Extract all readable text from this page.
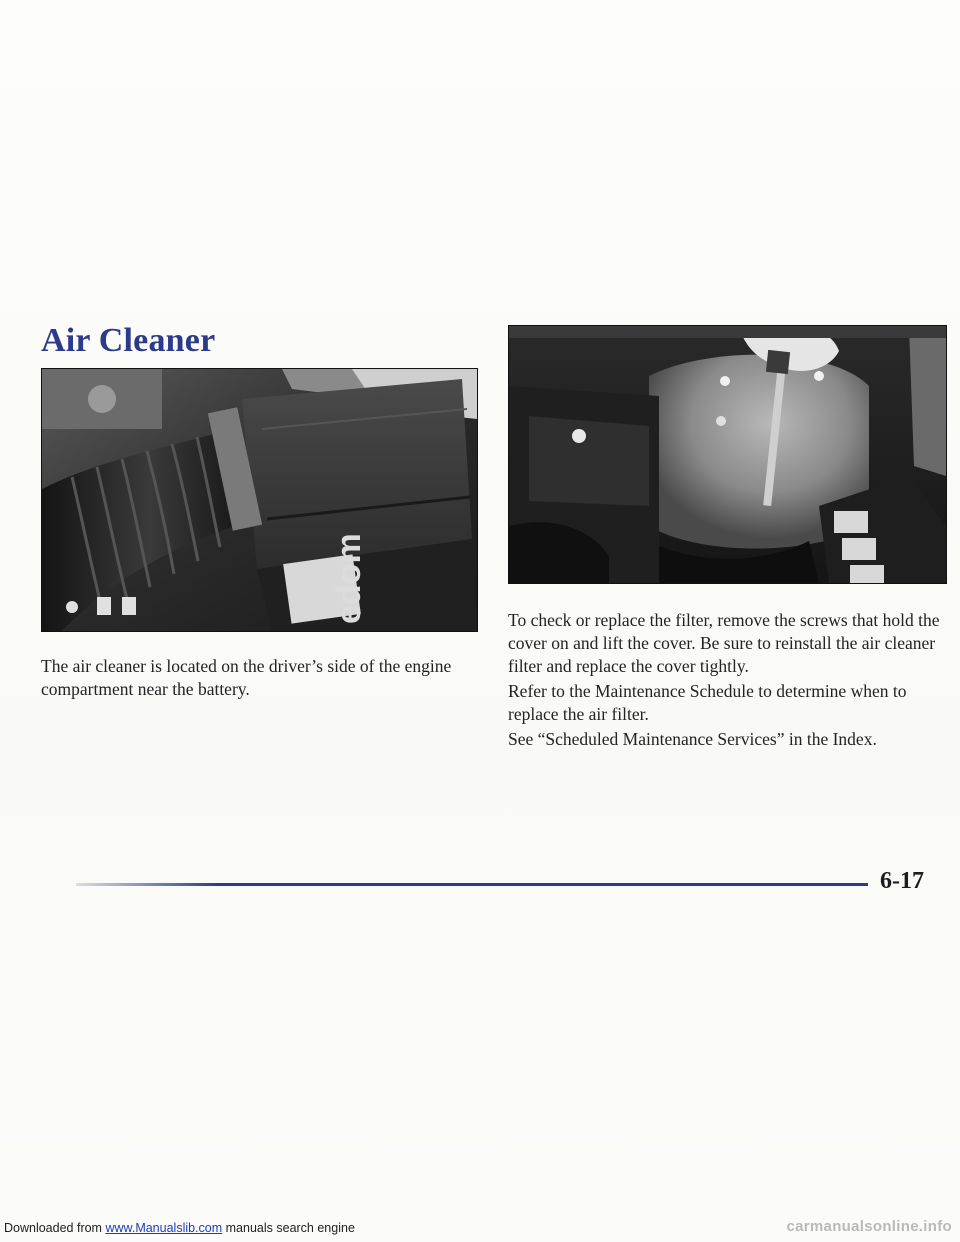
Air Cleaner
edom

The air cleaner is located on the driver’s side of the engine compartment near the battery.

To check or replace the filter, remove the screws that hold the cover on and lift the cover. Be sure to reinstall the air cleaner filter and replace the cover tightly.

Refer to the Maintenance Schedule to determine when to replace the air filter.

See “Scheduled Maintenance Services” in the Index.

6-17
Downloaded from www.Manualslib.com manuals search engine	carmanualsonline.info
